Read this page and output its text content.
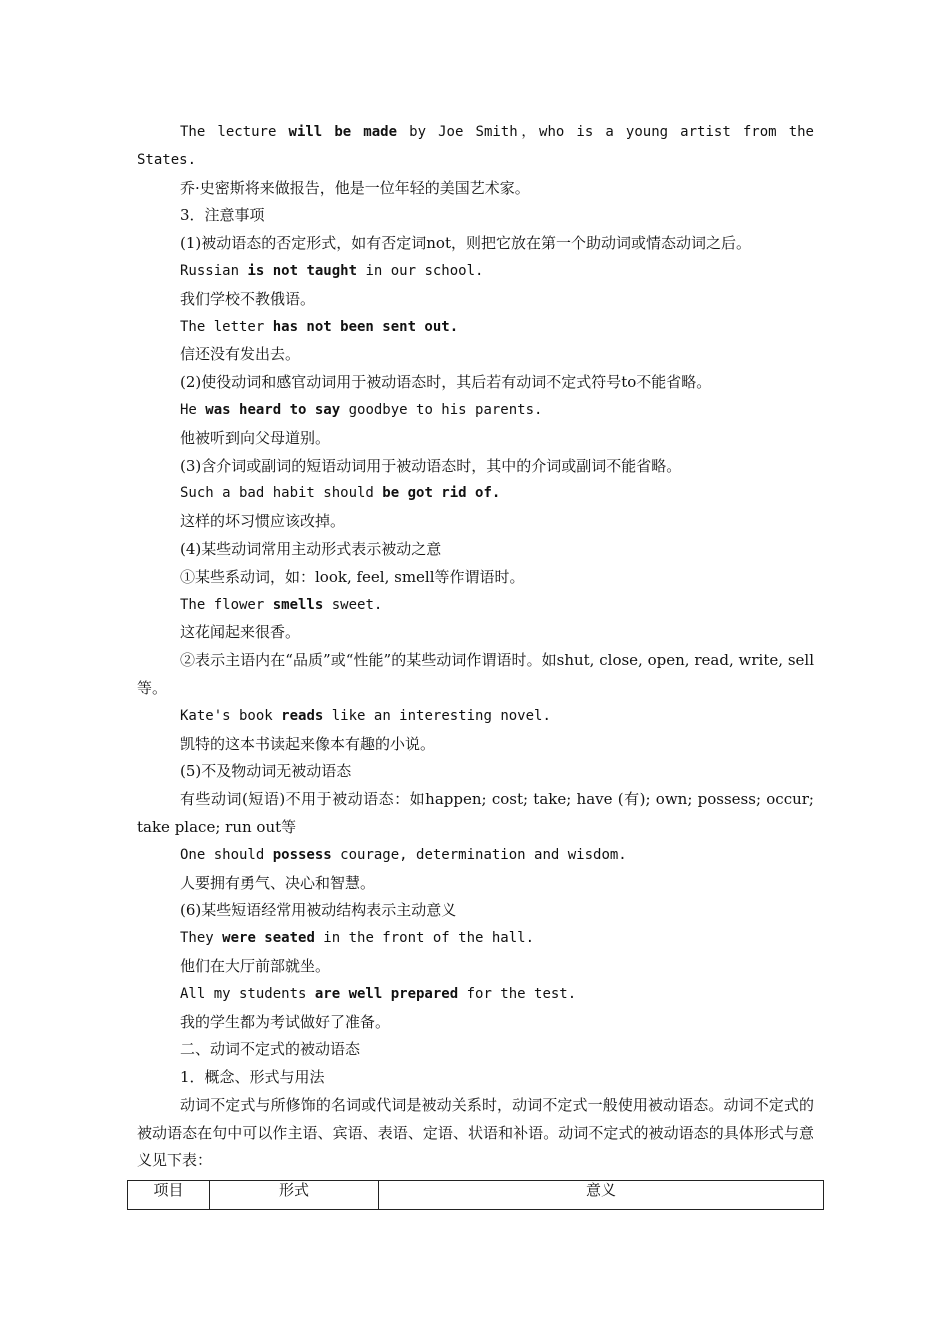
The lecture will be made by Joe Smith，who is a young artist from the States.

乔·史密斯将来做报告，他是一位年轻的美国艺术家。

3．注意事项

(1)被动语态的否定形式，如有否定词not，则把它放在第一个助动词或情态动词之后。

Russian is not taught in our school.

我们学校不教俄语。

The letter has not been sent out.

信还没有发出去。

(2)使役动词和感官动词用于被动语态时，其后若有动词不定式符号to不能省略。

He was heard to say goodbye to his parents.

他被听到向父母道别。

(3)含介词或副词的短语动词用于被动语态时，其中的介词或副词不能省略。

Such a bad habit should be got rid of.

这样的坏习惯应该改掉。

(4)某些动词常用主动形式表示被动之意

①某些系动词，如：look, feel, smell等作谓语时。

The flower smells sweet.

这花闻起来很香。

②表示主语内在“品质”或“性能”的某些动词作谓语时。如shut, close, open, read, write, sell等。

Kate's book reads like an interesting novel.

凯特的这本书读起来像本有趣的小说。

(5)不及物动词无被动语态

有些动词(短语)不用于被动语态：如happen; cost; take; have (有); own; possess; occur; take place; run out等

One should possess courage, determination and wisdom.

人要拥有勇气、决心和智慧。

(6)某些短语经常用被动结构表示主动意义

They were seated in the front of the hall.

他们在大厅前部就坐。

All my students are well prepared for the test.

我的学生都为考试做好了准备。

二、动词不定式的被动语态

1．概念、形式与用法

动词不定式与所修饰的名词或代词是被动关系时，动词不定式一般使用被动语态。动词不定式的被动语态在句中可以作主语、宾语、表语、定语、状语和补语。动词不定式的被动语态的具体形式与意义见下表：

项目	形式	意义
